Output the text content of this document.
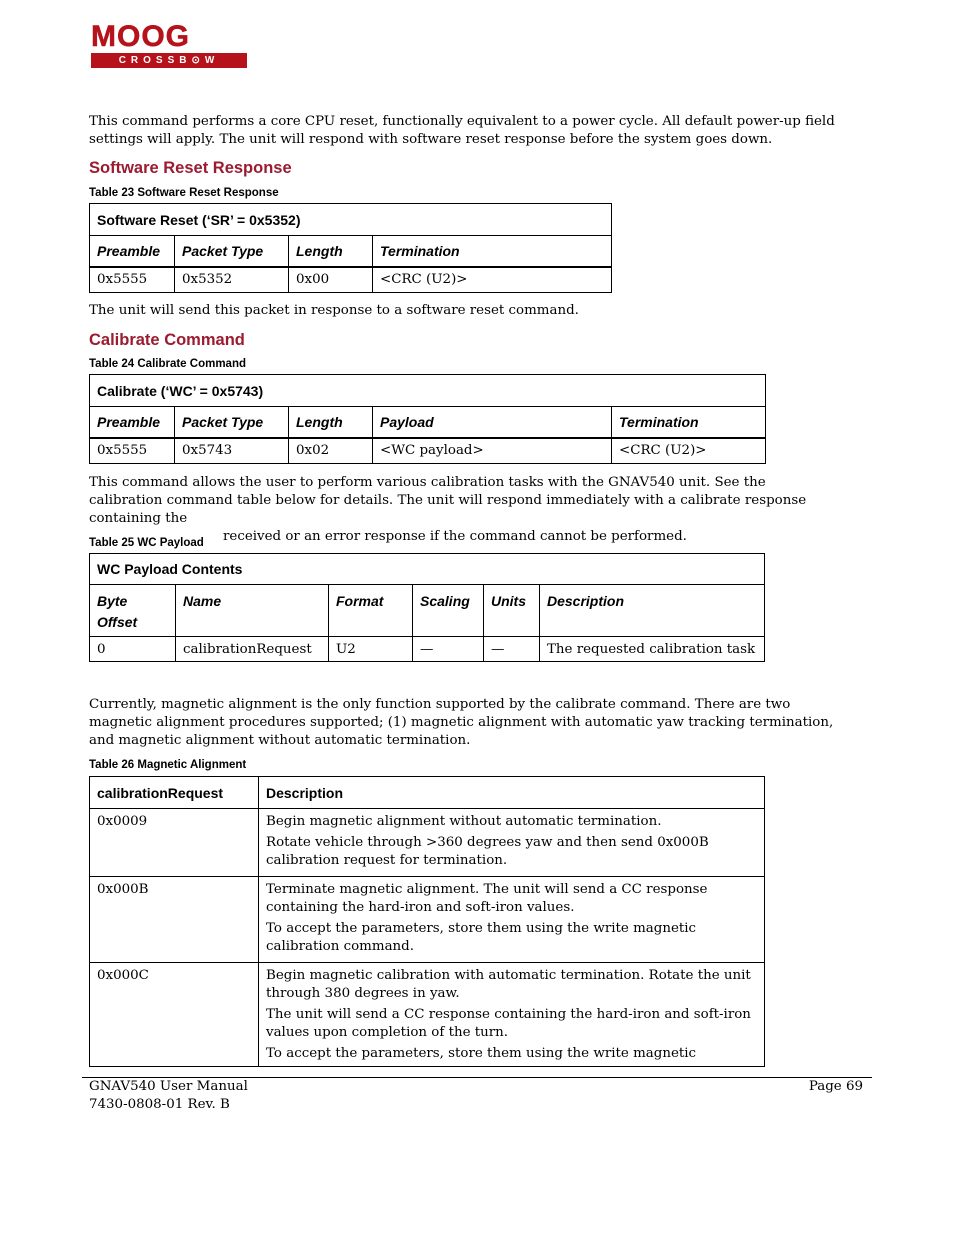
MOOG
CROSSB⊙W

This command performs a core CPU reset, functionally equivalent to a power cycle. All default power-up field settings will apply. The unit will respond with software reset response before the system goes down.

Software Reset Response
Table 23 Software Reset Response
Software Reset (‘SR’ = 0x5352)			
Preamble	Packet Type	Length	Termination
0x5555	0x5352	0x00	<CRC (U2)>

The unit will send this packet in response to a software reset command.

Calibrate Command
Table 24 Calibrate Command
Calibrate (‘WC’ = 0x5743)				
Preamble	Packet Type	Length	Payload	Termination
0x5555	0x5743	0x02	<WC payload>	<CRC (U2)>

This command allows the user to perform various calibration tasks with the GNAV540 unit. See the calibration command table below for details. The unit will respond immediately with a calibrate response containing the

received or an error response if the command cannot be performed.

Table 25 WC Payload
WC Payload Contents					
Byte Offset	Name	Format	Scaling	Units	Description
0	calibrationRequest	U2	—	—	The requested calibration task

Currently, magnetic alignment is the only function supported by the calibrate command. There are two magnetic alignment procedures supported; (1) magnetic alignment with automatic yaw tracking termination, and magnetic alignment without automatic termination.

Table 26 Magnetic Alignment
calibrationRequest	Description
0x0009	Begin magnetic alignment without automatic termination.

Rotate vehicle through >360 degrees yaw and then send 0x000B calibration request for termination.

0x000B	Terminate magnetic alignment. The unit will send a CC response containing the hard-iron and soft-iron values.

To accept the parameters, store them using the write magnetic calibration command.

0x000C	Begin magnetic calibration with automatic termination. Rotate the unit through 380 degrees in yaw.

The unit will send a CC response containing the hard-iron and soft-iron values upon completion of the turn.

To accept the parameters, store them using the write magnetic

GNAV540 User Manual
7430-0808-01 Rev. B
Page 69
